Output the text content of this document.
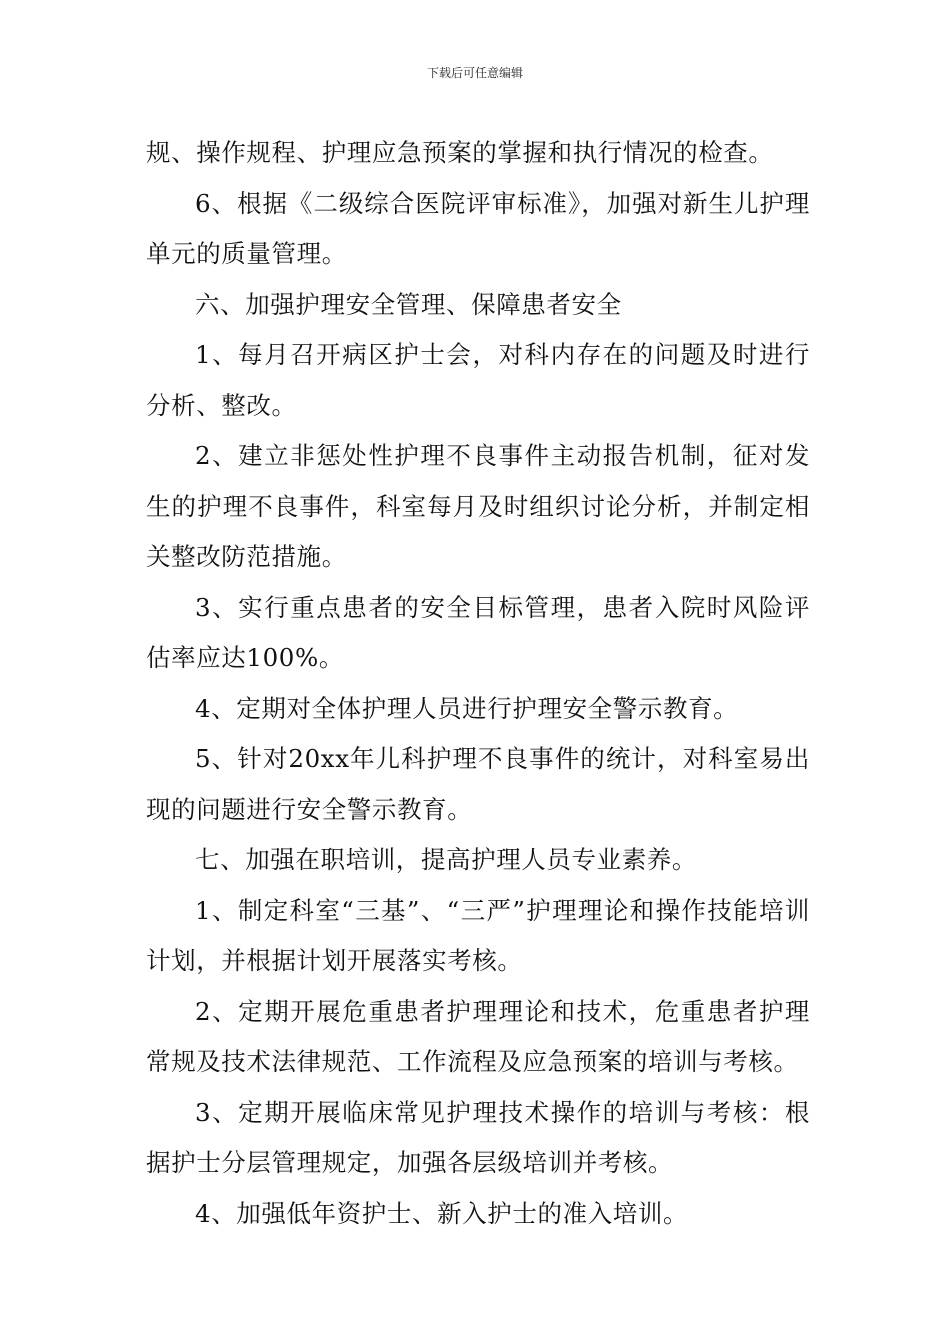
下载后可任意编辑

规、操作规程、护理应急预案的掌握和执行情况的检查。

6、根据《二级综合医院评审标准》，加强对新生儿护理单元的质量管理。

六、加强护理安全管理、保障患者安全

1、每月召开病区护士会，对科内存在的问题及时进行分析、整改。

2、建立非惩处性护理不良事件主动报告机制，征对发生的护理不良事件，科室每月及时组织讨论分析，并制定相关整改防范措施。

3、实行重点患者的安全目标管理，患者入院时风险评估率应达100%。

4、定期对全体护理人员进行护理安全警示教育。

5、针对20xx年儿科护理不良事件的统计，对科室易出现的问题进行安全警示教育。

七、加强在职培训，提高护理人员专业素养。

1、制定科室“三基”、“三严”护理理论和操作技能培训计划，并根据计划开展落实考核。

2、定期开展危重患者护理理论和技术，危重患者护理常规及技术法律规范、工作流程及应急预案的培训与考核。

3、定期开展临床常见护理技术操作的培训与考核：根据护士分层管理规定，加强各层级培训并考核。

4、加强低年资护士、新入护士的准入培训。
